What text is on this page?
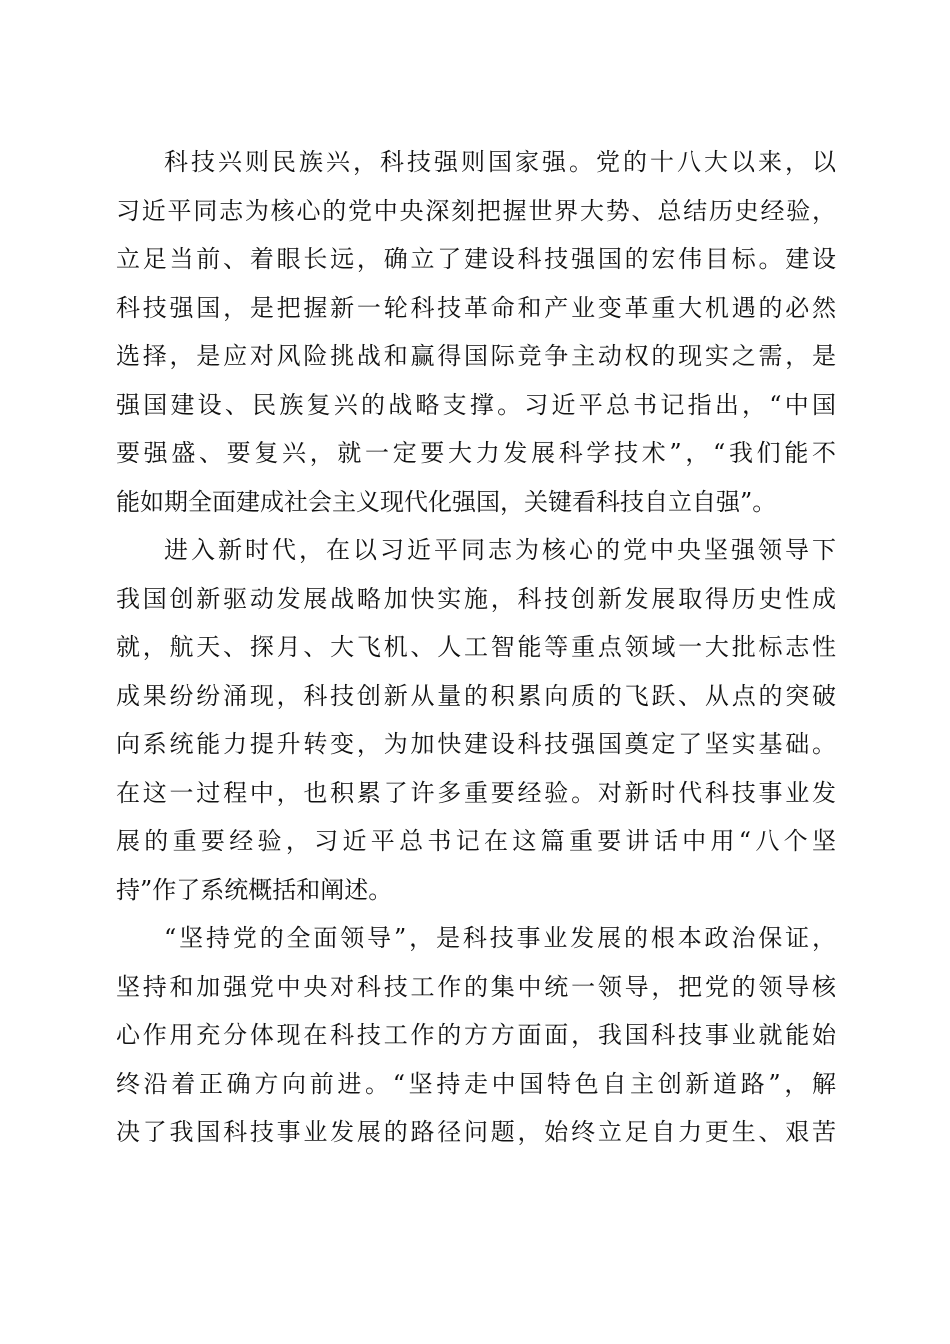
科技兴则民族兴，科技强则国家强。党的十八大以来，以
习近平同志为核心的党中央深刻把握世界大势、总结历史经验，
立足当前、着眼长远，确立了建设科技强国的宏伟目标。建设
科技强国，是把握新一轮科技革命和产业变革重大机遇的必然
选择，是应对风险挑战和赢得国际竞争主动权的现实之需，是
强国建设、民族复兴的战略支撑。习近平总书记指出，“中国
要强盛、要复兴，就一定要大力发展科学技术”，“我们能不
能如期全面建成社会主义现代化强国，关键看科技自立自强”。
进入新时代，在以习近平同志为核心的党中央坚强领导下
我国创新驱动发展战略加快实施，科技创新发展取得历史性成
就，航天、探月、大飞机、人工智能等重点领域一大批标志性
成果纷纷涌现，科技创新从量的积累向质的飞跃、从点的突破
向系统能力提升转变，为加快建设科技强国奠定了坚实基础。
在这一过程中，也积累了许多重要经验。对新时代科技事业发
展的重要经验，习近平总书记在这篇重要讲话中用“八个坚
持”作了系统概括和阐述。
“坚持党的全面领导”，是科技事业发展的根本政治保证，
坚持和加强党中央对科技工作的集中统一领导，把党的领导核
心作用充分体现在科技工作的方方面面，我国科技事业就能始
终沿着正确方向前进。“坚持走中国特色自主创新道路”，解
决了我国科技事业发展的路径问题，始终立足自力更生、艰苦
